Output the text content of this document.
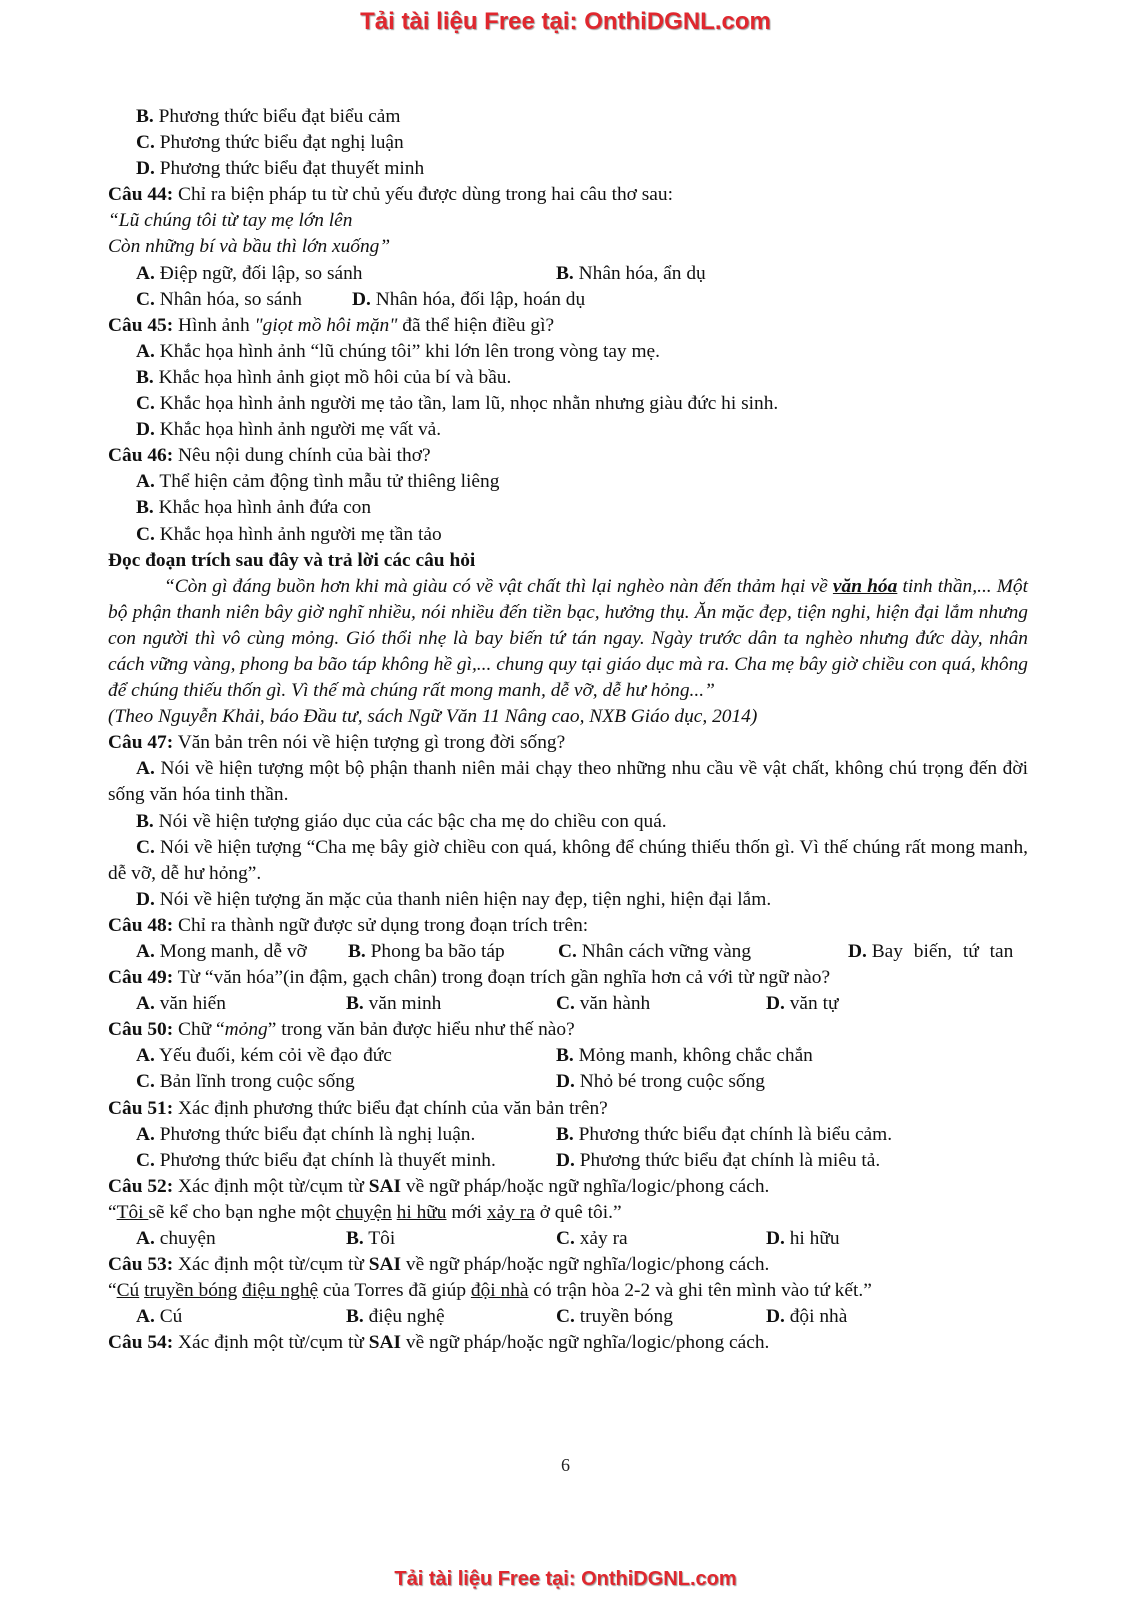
Tải tài liệu Free tại: OnthiDGNL.com
B. Phương thức biểu đạt biểu cảm
C. Phương thức biểu đạt nghị luận
D. Phương thức biểu đạt thuyết minh
Câu 44: Chỉ ra biện pháp tu từ chủ yếu được dùng trong hai câu thơ sau:
“Lũ chúng tôi từ tay mẹ lớn lên
Còn những bí và bầu thì lớn xuống”
A. Điệp ngữ, đối lập, so sánh	B. Nhân hóa, ẩn dụ
C. Nhân hóa, so sánh	D. Nhân hóa, đối lập, hoán dụ
Câu 45: Hình ảnh "giọt mồ hôi mặn" đã thể hiện điều gì?
A. Khắc họa hình ảnh “lũ chúng tôi” khi lớn lên trong vòng tay mẹ.
B. Khắc họa hình ảnh giọt mồ hôi của bí và bầu.
C. Khắc họa hình ảnh người mẹ tảo tần, lam lũ, nhọc nhằn nhưng giàu đức hi sinh.
D. Khắc họa hình ảnh người mẹ vất vả.
Câu 46: Nêu nội dung chính của bài thơ?
A. Thể hiện cảm động tình mẫu tử thiêng liêng
B. Khắc họa hình ảnh đứa con
C. Khắc họa hình ảnh người mẹ tần tảo
Đọc đoạn trích sau đây và trả lời các câu hỏi
“Còn gì đáng buồn hơn khi mà giàu có về vật chất thì lại nghèo nàn đến thảm hại về văn hóa tinh thần,... Một bộ phận thanh niên bây giờ nghĩ nhiều, nói nhiều đến tiền bạc, hưởng thụ. Ăn mặc đẹp, tiện nghi, hiện đại lắm nhưng con người thì vô cùng mỏng. Gió thổi nhẹ là bay biến tứ tán ngay. Ngày trước dân ta nghèo nhưng đức dày, nhân cách vững vàng, phong ba bão táp không hề gì,... chung quy tại giáo dục mà ra. Cha mẹ bây giờ chiều con quá, không để chúng thiếu thốn gì. Vì thế mà chúng rất mong manh, dễ vỡ, dễ hư hỏng...”
(Theo Nguyễn Khải, báo Đầu tư, sách Ngữ Văn 11 Nâng cao, NXB Giáo dục, 2014)
Câu 47: Văn bản trên nói về hiện tượng gì trong đời sống?
A. Nói về hiện tượng một bộ phận thanh niên mải chạy theo những nhu cầu về vật chất, không chú trọng đến đời sống văn hóa tinh thần.
B. Nói về hiện tượng giáo dục của các bậc cha mẹ do chiều con quá.
C. Nói về hiện tượng “Cha mẹ bây giờ chiều con quá, không để chúng thiếu thốn gì. Vì thế chúng rất mong manh, dễ vỡ, dễ hư hỏng”.
D. Nói về hiện tượng ăn mặc của thanh niên hiện nay đẹp, tiện nghi, hiện đại lắm.
Câu 48: Chỉ ra thành ngữ được sử dụng trong đoạn trích trên:
A. Mong manh, dễ vỡ B. Phong ba bão táp	C. Nhân cách vững vàng	D. Bay biến, tứ tan
Câu 49: Từ “văn hóa”(in đậm, gạch chân) trong đoạn trích gần nghĩa hơn cả với từ ngữ nào?
A. văn hiến	B. văn minh	C. văn hành	D. văn tự
Câu 50: Chữ “mỏng” trong văn bản được hiểu như thế nào?
A. Yếu đuối, kém cỏi về đạo đức	B. Mỏng manh, không chắc chắn
C. Bản lĩnh trong cuộc sống	D. Nhỏ bé trong cuộc sống
Câu 51: Xác định phương thức biểu đạt chính của văn bản trên?
A. Phương thức biểu đạt chính là nghị luận.	B. Phương thức biểu đạt chính là biểu cảm.
C. Phương thức biểu đạt chính là thuyết minh.	D. Phương thức biểu đạt chính là miêu tả.
Câu 52: Xác định một từ/cụm từ SAI về ngữ pháp/hoặc ngữ nghĩa/logic/phong cách.
“Tôi sẽ kể cho bạn nghe một chuyện hi hữu mới xảy ra ở quê tôi.”
A. chuyện	B. Tôi	C. xảy ra	D. hi hữu
Câu 53: Xác định một từ/cụm từ SAI về ngữ pháp/hoặc ngữ nghĩa/logic/phong cách.
“Cú truyền bóng điệu nghệ của Torres đã giúp đội nhà có trận hòa 2-2 và ghi tên mình vào tứ kết.”
A. Cú	B. điệu nghệ	C. truyền bóng	D. đội nhà
Câu 54: Xác định một từ/cụm từ SAI về ngữ pháp/hoặc ngữ nghĩa/logic/phong cách.
6
Tải tài liệu Free tại: OnthiDGNL.com
